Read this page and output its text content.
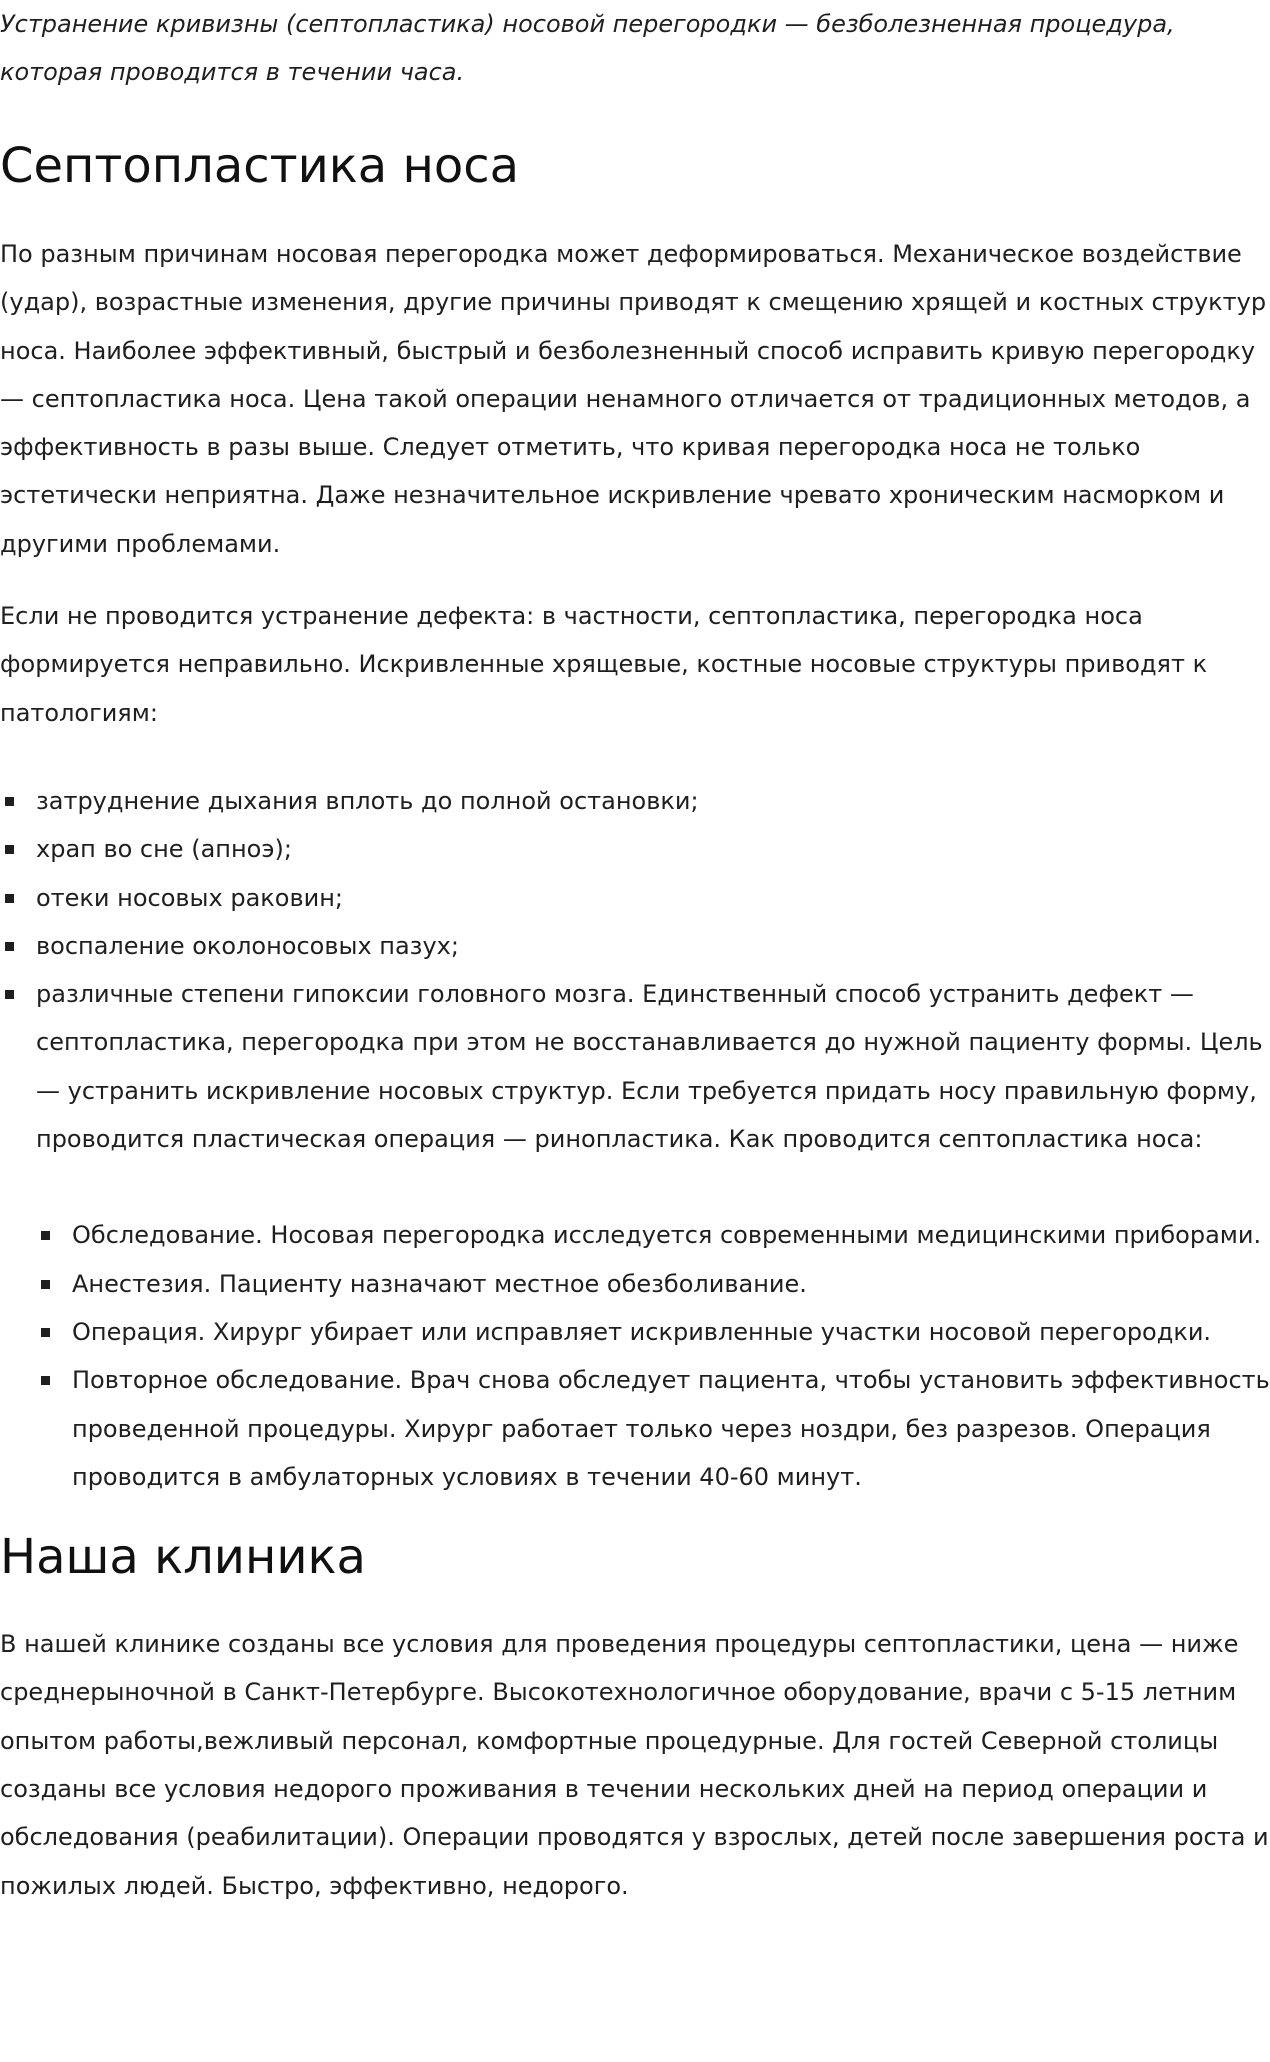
Устранение кривизны (септопластика) носовой перегородки — безболезненная процедура, которая проводится в течении часа.

Септопластика носа

По разным причинам носовая перегородка может деформироваться. Механическое воздействие (удар), возрастные изменения, другие причины приводят к смещению хрящей и костных структур носа. Наиболее эффективный, быстрый и безболезненный способ исправить кривую перегородку — септопластика носа. Цена такой операции ненамного отличается от традиционных методов, а эффективность в разы выше. Следует отметить, что кривая перегородка носа не только эстетически неприятна. Даже незначительное искривление чревато хроническим насморком и другими проблемами.

Если не проводится устранение дефекта: в частности, септопластика, перегородка носа формируется неправильно. Искривленные хрящевые, костные носовые структуры приводят к патологиям:

затруднение дыхания вплоть до полной остановки;
храп во сне (апноэ);
отеки носовых раковин;
воспаление околоносовых пазух;
различные степени гипоксии головного мозга. Единственный способ устранить дефект — септопластика, перегородка при этом не восстанавливается до нужной пациенту формы. Цель — устранить искривление носовых структур. Если требуется придать носу правильную форму, проводится пластическая операция — ринопластика. Как проводится септопластика носа:
Обследование. Носовая перегородка исследуется современными медицинскими приборами.
Анестезия. Пациенту назначают местное обезболивание.
Операция. Хирург убирает или исправляет искривленные участки носовой перегородки.
Повторное обследование. Врач снова обследует пациента, чтобы установить эффективность проведенной процедуры. Хирург работает только через ноздри, без разрезов. Операция проводится в амбулаторных условиях в течении 40-60 минут.
Наша клиника

В нашей клинике созданы все условия для проведения процедуры септопластики, цена — ниже среднерыночной в Санкт-Петербурге. Высокотехнологичное оборудование, врачи с 5-15 летним опытом работы,вежливый персонал, комфортные процедурные. Для гостей Северной столицы созданы все условия недорого проживания в течении нескольких дней на период операции и обследования (реабилитации). Операции проводятся у взрослых, детей после завершения роста и пожилых людей. Быстро, эффективно, недорого.
